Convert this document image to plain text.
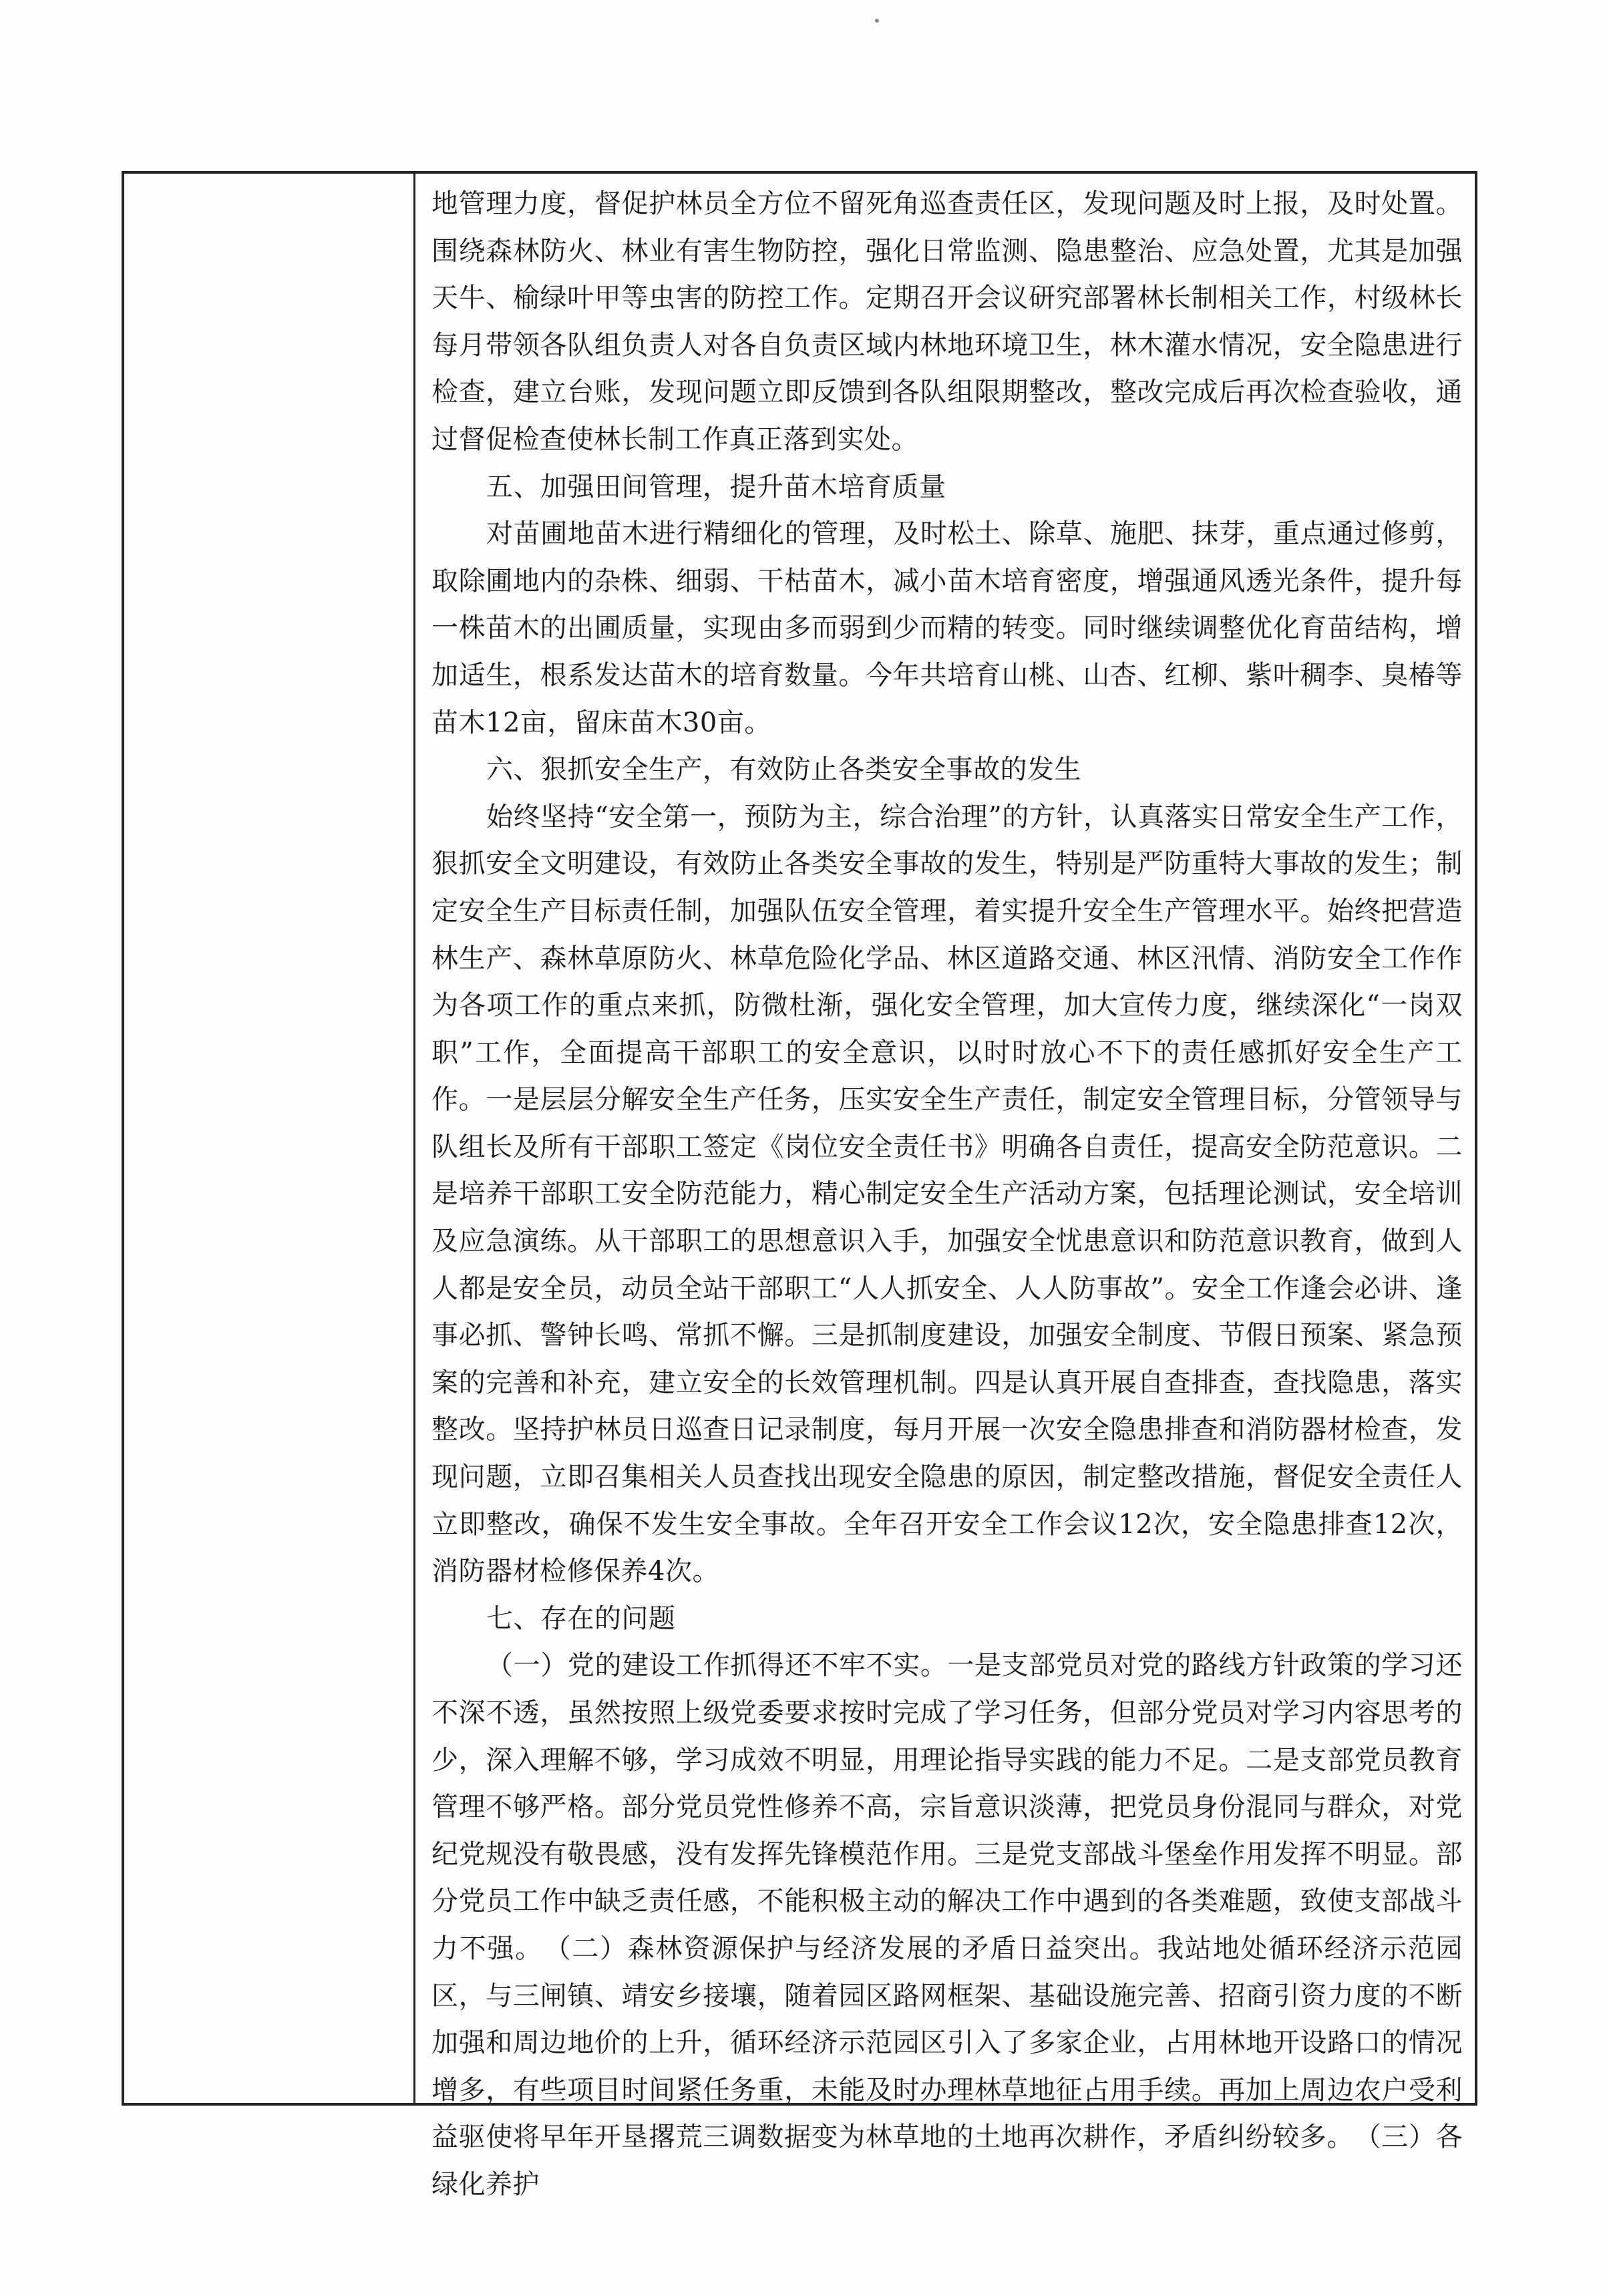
地管理力度，督促护林员全方位不留死角巡查责任区，发现问题及时上报，及时处置。围绕森林防火、林业有害生物防控，强化日常监测、隐患整治、应急处置，尤其是加强天牛、榆绿叶甲等虫害的防控工作。定期召开会议研究部署林长制相关工作，村级林长每月带领各队组负责人对各自负责区域内林地环境卫生，林木灌水情况，安全隐患进行检查，建立台账，发现问题立即反馈到各队组限期整改，整改完成后再次检查验收，通过督促检查使林长制工作真正落到实处。

五、加强田间管理，提升苗木培育质量

对苗圃地苗木进行精细化的管理，及时松土、除草、施肥、抹芽，重点通过修剪，取除圃地内的杂株、细弱、干枯苗木，减小苗木培育密度，增强通风透光条件，提升每一株苗木的出圃质量，实现由多而弱到少而精的转变。同时继续调整优化育苗结构，增加适生，根系发达苗木的培育数量。今年共培育山桃、山杏、红柳、紫叶稠李、臭椿等苗木12亩，留床苗木30亩。

六、狠抓安全生产，有效防止各类安全事故的发生

始终坚持“安全第一，预防为主，综合治理”的方针，认真落实日常安全生产工作，狠抓安全文明建设，有效防止各类安全事故的发生，特别是严防重特大事故的发生；制定安全生产目标责任制，加强队伍安全管理，着实提升安全生产管理水平。始终把营造林生产、森林草原防火、林草危险化学品、林区道路交通、林区汛情、消防安全工作作为各项工作的重点来抓，防微杜渐，强化安全管理，加大宣传力度，继续深化“一岗双职”工作，全面提高干部职工的安全意识，以时时放心不下的责任感抓好安全生产工作。一是层层分解安全生产任务，压实安全生产责任，制定安全管理目标，分管领导与队组长及所有干部职工签定《岗位安全责任书》明确各自责任，提高安全防范意识。二是培养干部职工安全防范能力，精心制定安全生产活动方案，包括理论测试，安全培训及应急演练。从干部职工的思想意识入手，加强安全忧患意识和防范意识教育，做到人人都是安全员，动员全站干部职工“人人抓安全、人人防事故”。安全工作逢会必讲、逢事必抓、警钟长鸣、常抓不懈。三是抓制度建设，加强安全制度、节假日预案、紧急预案的完善和补充，建立安全的长效管理机制。四是认真开展自查排查，查找隐患，落实整改。坚持护林员日巡查日记录制度，每月开展一次安全隐患排查和消防器材检查，发现问题，立即召集相关人员查找出现安全隐患的原因，制定整改措施，督促安全责任人立即整改，确保不发生安全事故。全年召开安全工作会议12次，安全隐患排查12次，消防器材检修保养4次。

七、存在的问题

（一）党的建设工作抓得还不牢不实。一是支部党员对党的路线方针政策的学习还不深不透，虽然按照上级党委要求按时完成了学习任务，但部分党员对学习内容思考的少，深入理解不够，学习成效不明显，用理论指导实践的能力不足。二是支部党员教育管理不够严格。部分党员党性修养不高，宗旨意识淡薄，把党员身份混同与群众，对党纪党规没有敬畏感，没有发挥先锋模范作用。三是党支部战斗堡垒作用发挥不明显。部分党员工作中缺乏责任感，不能积极主动的解决工作中遇到的各类难题，致使支部战斗力不强。　（二）森林资源保护与经济发展的矛盾日益突出。我站地处循环经济示范园区，与三闸镇、靖安乡接壤，随着园区路网框架、基础设施完善、招商引资力度的不断加强和周边地价的上升，循环经济示范园区引入了多家企业，占用林地开设路口的情况增多，有些项目时间紧任务重，未能及时办理林草地征占用手续。再加上周边农户受利益驱使将早年开垦撂荒三调数据变为林草地的土地再次耕作，矛盾纠纷较多。　（三）各绿化养护
